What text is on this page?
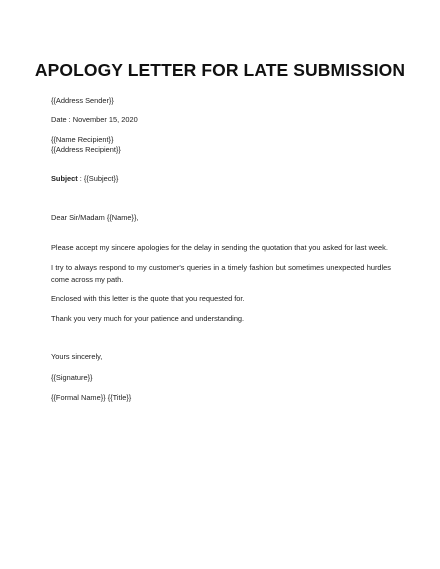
APOLOGY LETTER FOR LATE SUBMISSION

{{Address Sender}}

Date : November 15, 2020

{{Name Recipient}}

{{Address Recipient}}

Subject : {{Subject}}

Dear Sir/Madam {{Name}},

Please accept my sincere apologies for the delay in sending the quotation that you asked for last week.

I try to always respond to my customer's queries in a timely fashion but sometimes unexpected hurdles come across my path.

Enclosed with this letter is the quote that you requested for.

Thank you very much for your patience and understanding.

Yours sincerely,

{{Signature}}

{{Formal Name}} {{Title}}
